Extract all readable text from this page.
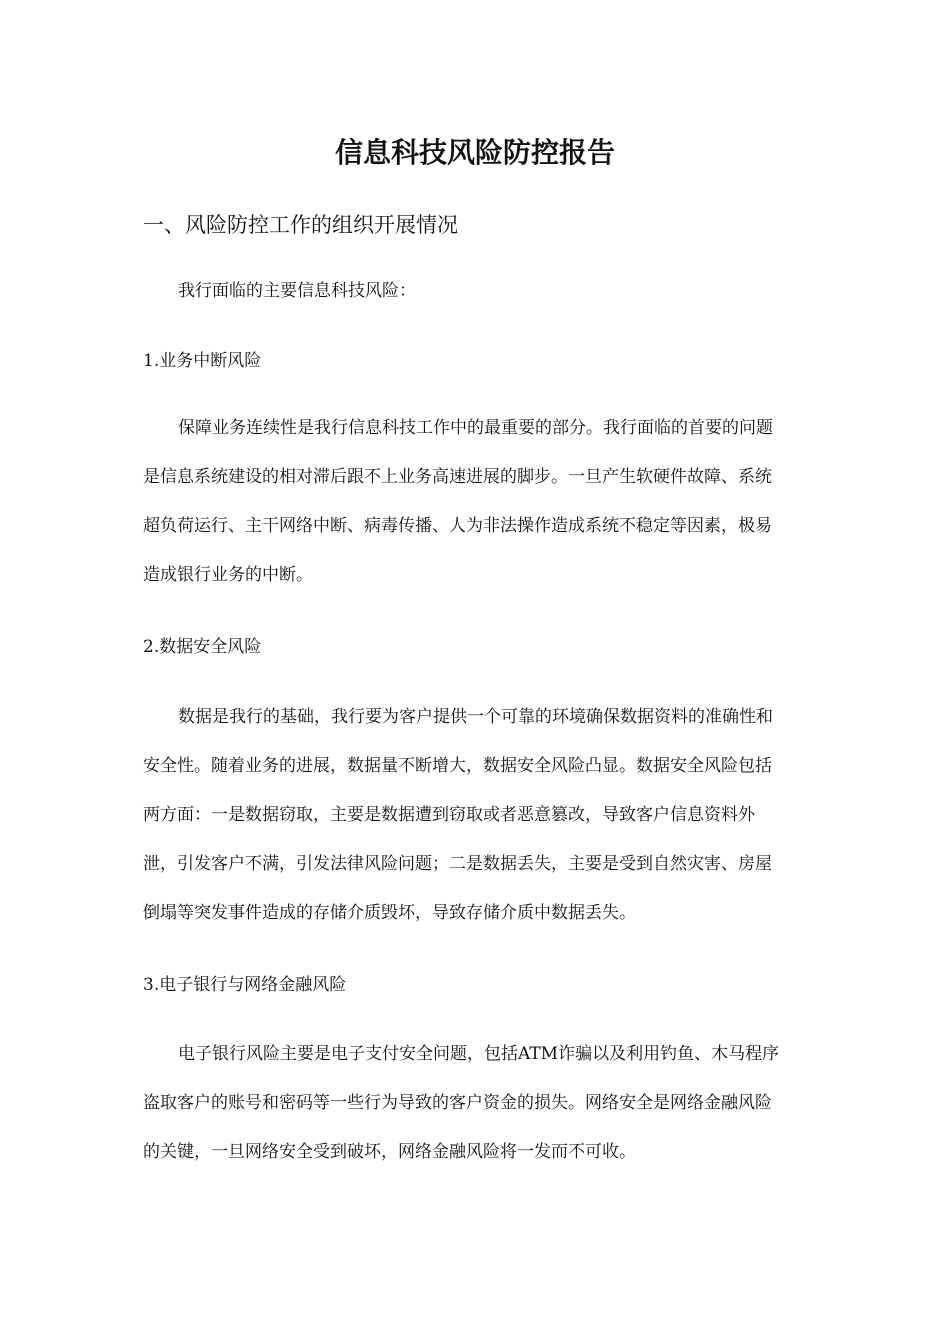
信息科技风险防控报告
一、风险防控工作的组织开展情况

我行面临的主要信息科技风险：

1.业务中断风险
保障业务连续性是我行信息科技工作中的最重要的部分。我行面临的首要的问题
是信息系统建设的相对滞后跟不上业务高速进展的脚步。一旦产生软硬件故障、系统
超负荷运行、主干网络中断、病毒传播、人为非法操作造成系统不稳定等因素，极易
造成银行业务的中断。
2.数据安全风险
数据是我行的基础，我行要为客户提供一个可靠的环境确保数据资料的准确性和
安全性。随着业务的进展，数据量不断增大，数据安全风险凸显。数据安全风险包括
两方面：一是数据窃取，主要是数据遭到窃取或者恶意篡改，导致客户信息资料外
泄，引发客户不满，引发法律风险问题；二是数据丢失，主要是受到自然灾害、房屋
倒塌等突发事件造成的存储介质毁坏，导致存储介质中数据丢失。
3.电子银行与网络金融风险
电子银行风险主要是电子支付安全问题，包括ATM诈骗以及利用钓鱼、木马程序
盗取客户的账号和密码等一些行为导致的客户资金的损失。网络安全是网络金融风险
的关键，一旦网络安全受到破坏，网络金融风险将一发而不可收。
